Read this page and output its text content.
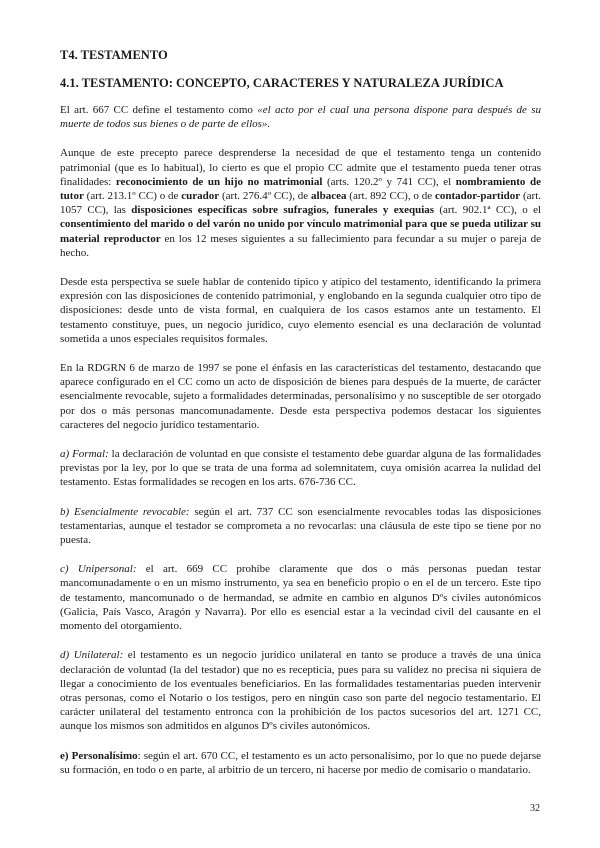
T4. TESTAMENTO
4.1. TESTAMENTO: CONCEPTO, CARACTERES Y NATURALEZA JURÍDICA

El art. 667 CC define el testamento como «el acto por el cual una persona dispone para después de su muerte de todos sus bienes o de parte de ellos».

Aunque de este precepto parece desprenderse la necesidad de que el testamento tenga un contenido patrimonial (que es lo habitual), lo cierto es que el propio CC admite que el testamento pueda tener otras finalidades: reconocimiento de un hijo no matrimonial (arts. 120.2º y 741 CC), el nombramiento de tutor (art. 213.1º CC) o de curador (art. 276.4º CC), de albacea (art. 892 CC), o de contador-partidor (art. 1057 CC), las disposiciones específicas sobre sufragios, funerales y exequias (art. 902.1ª CC), o el consentimiento del marido o del varón no unido por vínculo matrimonial para que se pueda utilizar su material reproductor en los 12 meses siguientes a su fallecimiento para fecundar a su mujer o pareja de hecho.

Desde esta perspectiva se suele hablar de contenido típico y atípico del testamento, identificando la primera expresión con las disposiciones de contenido patrimonial, y englobando en la segunda cualquier otro tipo de disposiciones: desde unto de vista formal, en cualquiera de los casos estamos ante un testamento. El testamento constituye, pues, un negocio jurídico, cuyo elemento esencial es una declaración de voluntad sometida a unos especiales requisitos formales.

En la RDGRN 6 de marzo de 1997 se pone el énfasis en las características del testamento, destacando que aparece configurado en el CC como un acto de disposición de bienes para después de la muerte, de carácter esencialmente revocable, sujeto a formalidades determinadas, personalísimo y no susceptible de ser otorgado por dos o más personas mancomunadamente. Desde esta perspectiva podemos destacar los siguientes caracteres del negocio jurídico testamentario.

a) Formal: la declaración de voluntad en que consiste el testamento debe guardar alguna de las formalidades previstas por la ley, por lo que se trata de una forma ad solemnitatem, cuya omisión acarrea la nulidad del testamento. Estas formalidades se recogen en los arts. 676-736 CC.

b) Esencialmente revocable: según el art. 737 CC son esencialmente revocables todas las disposiciones testamentarias, aunque el testador se comprometa a no revocarlas: una cláusula de este tipo se tiene por no puesta.

c) Unipersonal: el art. 669 CC prohíbe claramente que dos o más personas puedan testar mancomunadamente o en un mismo instrumento, ya sea en beneficio propio o en el de un tercero. Este tipo de testamento, mancomunado o de hermandad, se admite en cambio en algunos Dºs civiles autonómicos (Galicia, País Vasco, Aragón y Navarra). Por ello es esencial estar a la vecindad civil del causante en el momento del otorgamiento.

d) Unilateral: el testamento es un negocio jurídico unilateral en tanto se produce a través de una única declaración de voluntad (la del testador) que no es recepticia, pues para su validez no precisa ni siquiera de llegar a conocimiento de los eventuales beneficiarios. En las formalidades testamentarias pueden intervenir otras personas, como el Notario o los testigos, pero en ningún caso son parte del negocio testamentario. El carácter unilateral del testamento entronca con la prohibición de los pactos sucesorios del art. 1271 CC, aunque los mismos son admitidos en algunos Dºs civiles autonómicos.

e) Personalísimo: según el art. 670 CC, el testamento es un acto personalísimo, por lo que no puede dejarse su formación, en todo o en parte, al arbitrio de un tercero, ni hacerse por medio de comisario o mandatario.

32
